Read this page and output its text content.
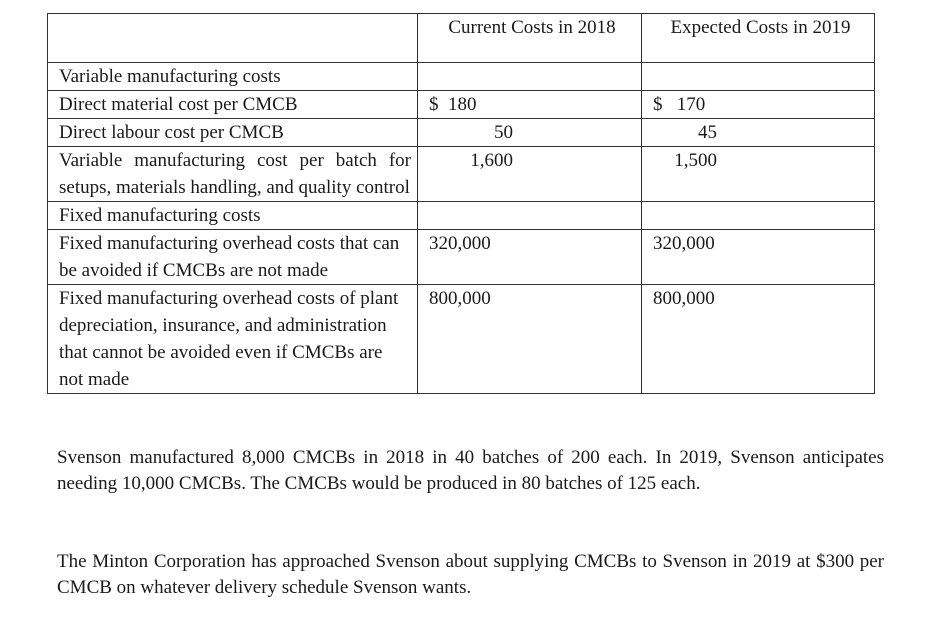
	Current Costs in 2018	Expected Costs in 2019
Variable manufacturing costs		
Direct material cost per CMCB	$  180	$   170
Direct labour cost per CMCB	50	45
Variable manufacturing cost per batch for setups, materials handling, and quality control	1,600	1,500
Fixed manufacturing costs		
Fixed manufacturing overhead costs that can be avoided if CMCBs are not made	320,000	320,000
Fixed manufacturing overhead costs of plant depreciation, insurance, and administration that cannot be avoided even if CMCBs are not made	800,000	800,000

Svenson manufactured 8,000 CMCBs in 2018 in 40 batches of 200 each. In 2019, Svenson anticipates needing 10,000 CMCBs. The CMCBs would be produced in 80 batches of 125 each.

The Minton Corporation has approached Svenson about supplying CMCBs to Svenson in 2019 at $300 per CMCB on whatever delivery schedule Svenson wants.
